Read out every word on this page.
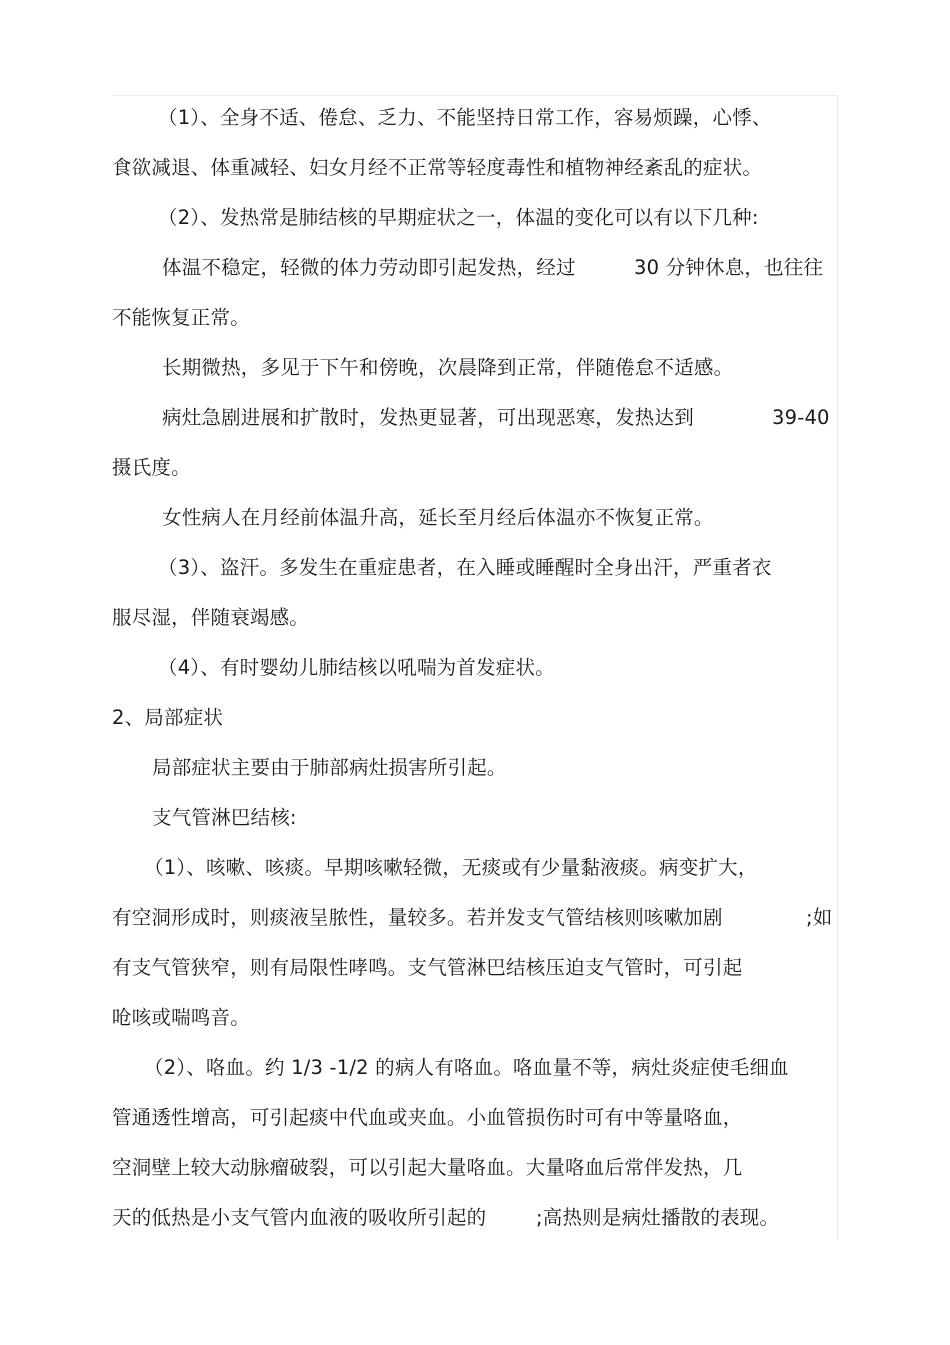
（1）、全身不适、倦怠、乏力、不能坚持日常工作，容易烦躁，心悸、
食欲减退、体重减轻、妇女月经不正常等轻度毒性和植物神经紊乱的症状。
（2）、发热常是肺结核的早期症状之一，体温的变化可以有以下几种:
体温不稳定，轻微的体力劳动即引起发热，经过	30 分钟休息，也往往
不能恢复正常。
长期微热，多见于下午和傍晚，次晨降到正常，伴随倦怠不适感。
病灶急剧进展和扩散时，发热更显著，可出现恶寒，发热达到	39-40
摄氏度。
女性病人在月经前体温升高，延长至月经后体温亦不恢复正常。
（3）、盗汗。多发生在重症患者，在入睡或睡醒时全身出汗，严重者衣
服尽湿，伴随衰竭感。
（4）、有时婴幼儿肺结核以吼喘为首发症状。
2、局部症状
局部症状主要由于肺部病灶损害所引起。
支气管淋巴结核:
（1）、咳嗽、咳痰。早期咳嗽轻微，无痰或有少量黏液痰。病变扩大，
有空洞形成时，则痰液呈脓性，量较多。若并发支气管结核则咳嗽加剧	;如
有支气管狭窄，则有局限性哮鸣。支气管淋巴结核压迫支气管时，可引起
呛咳或喘鸣音。
（2）、咯血。约 1/3 -1/2 的病人有咯血。咯血量不等，病灶炎症使毛细血
管通透性增高，可引起痰中代血或夹血。小血管损伤时可有中等量咯血，
空洞壁上较大动脉瘤破裂，可以引起大量咯血。大量咯血后常伴发热，几
天的低热是小支气管内血液的吸收所引起的	;高热则是病灶播散的表现。
